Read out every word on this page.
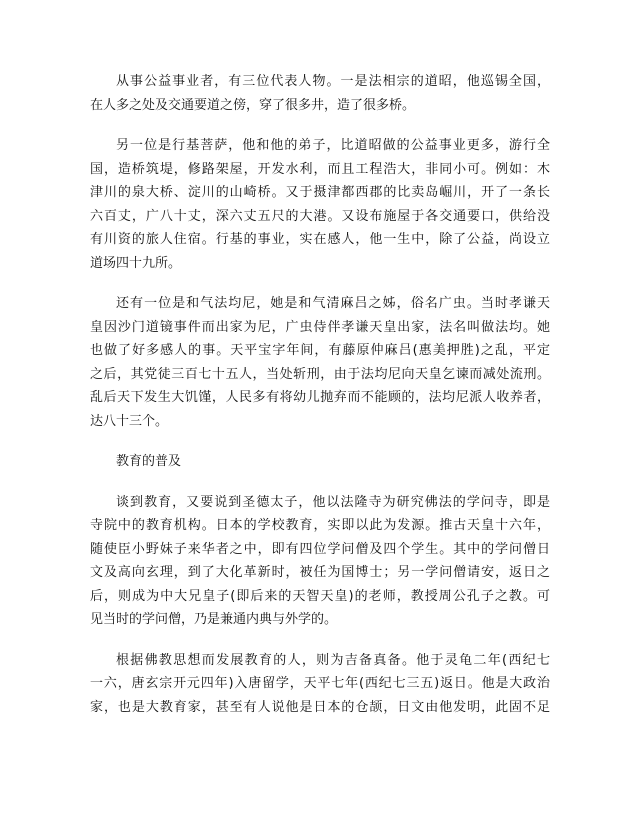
从事公益事业者，有三位代表人物。一是法相宗的道昭，他巡锡全国，
在人多之处及交通要道之傍，穿了很多井，造了很多桥。
另一位是行基菩萨，他和他的弟子，比道昭做的公益事业更多，游行全
国，造桥筑堤，修路架屋，开发水利，而且工程浩大，非同小可。例如：木
津川的泉大桥、淀川的山崎桥。又于摄津都西郡的比卖岛崛川，开了一条长
六百丈，广八十丈，深六丈五尺的大港。又设布施屋于各交通要口，供给没
有川资的旅人住宿。行基的事业，实在感人，他一生中，除了公益，尚设立
道场四十九所。
还有一位是和气法均尼，她是和气清麻吕之姊，俗名广虫。当时孝谦天
皇因沙门道镜事件而出家为尼，广虫侍伴孝谦天皇出家，法名叫做法均。她
也做了好多感人的事。天平宝字年间，有藤原仲麻吕(惠美押胜)之乱，平定
之后，其党徒三百七十五人，当处斩刑，由于法均尼向天皇乞谏而减处流刑。
乱后天下发生大饥馑，人民多有将幼儿抛弃而不能顾的，法均尼派人收养者，
达八十三个。
教育的普及
谈到教育，又要说到圣德太子，他以法隆寺为研究佛法的学问寺，即是
寺院中的教育机构。日本的学校教育，实即以此为发源。推古天皇十六年，
随使臣小野妹子来华者之中，即有四位学问僧及四个学生。其中的学问僧日
文及高向玄理，到了大化革新时，被任为国博士；另一学问僧请安，返日之
后，则成为中大兄皇子(即后来的天智天皇)的老师，教授周公孔子之教。可
见当时的学问僧，乃是兼通内典与外学的。
根据佛教思想而发展教育的人，则为吉备真备。他于灵龟二年(西纪七
一六，唐玄宗开元四年)入唐留学，天平七年(西纪七三五)返日。他是大政治
家，也是大教育家，甚至有人说他是日本的仓颉，日文由他发明，此固不足
